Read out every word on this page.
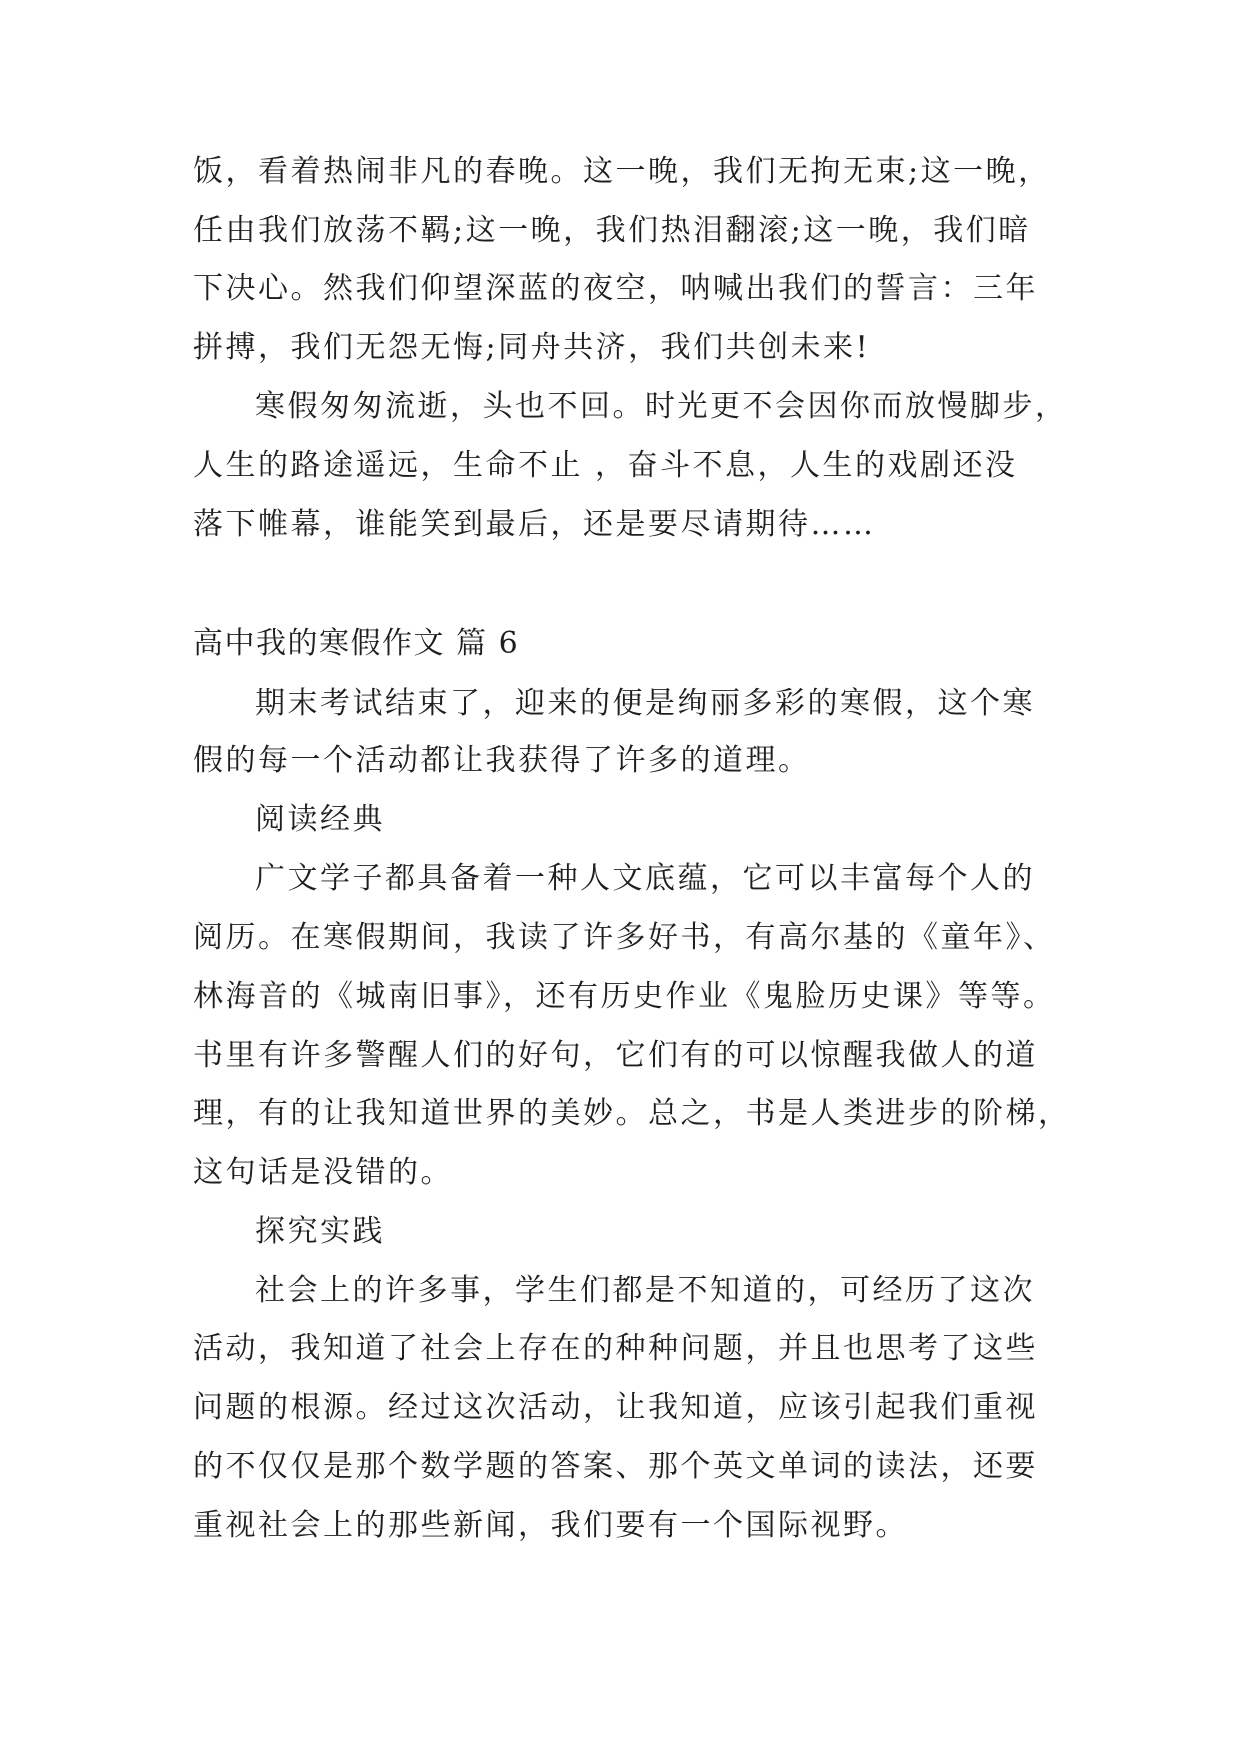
饭，看着热闹非凡的春晚。这一晚，我们无拘无束;这一晚，
任由我们放荡不羁;这一晚，我们热泪翻滚;这一晚，我们暗
下决心。然我们仰望深蓝的夜空，呐喊出我们的誓言：三年
拼搏，我们无怨无悔;同舟共济，我们共创未来!
寒假匆匆流逝，头也不回。时光更不会因你而放慢脚步，
人生的路途遥远，生命不止 ，奋斗不息，人生的戏剧还没
落下帷幕，谁能笑到最后，还是要尽请期待……
高中我的寒假作文 篇 6
期末考试结束了，迎来的便是绚丽多彩的寒假，这个寒
假的每一个活动都让我获得了许多的道理。
阅读经典
广文学子都具备着一种人文底蕴，它可以丰富每个人的
阅历。在寒假期间，我读了许多好书，有高尔基的《童年》、
林海音的《城南旧事》，还有历史作业《鬼脸历史课》等等。
书里有许多警醒人们的好句，它们有的可以惊醒我做人的道
理，有的让我知道世界的美妙。总之，书是人类进步的阶梯，
这句话是没错的。
探究实践
社会上的许多事，学生们都是不知道的，可经历了这次
活动，我知道了社会上存在的种种问题，并且也思考了这些
问题的根源。经过这次活动，让我知道，应该引起我们重视
的不仅仅是那个数学题的答案、那个英文单词的读法，还要
重视社会上的那些新闻，我们要有一个国际视野。
